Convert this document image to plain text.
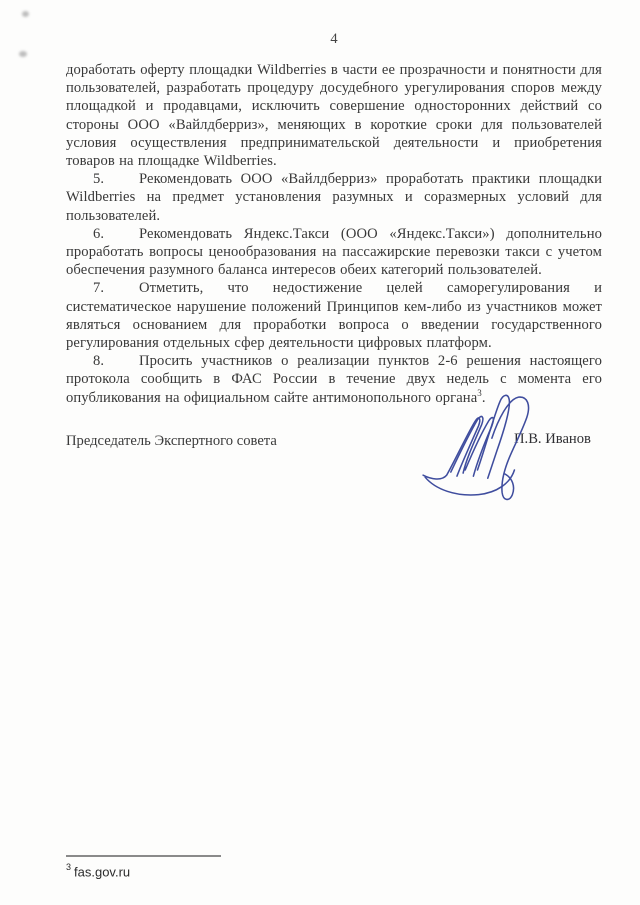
4

доработать оферту площадки Wildberries в части ее прозрачности и понятности для пользователей, разработать процедуру досудебного урегулирования споров между площадкой и продавцами, исключить совершение односторонних действий со стороны ООО «Вайлдберриз», меняющих в короткие сроки для пользователей условия осуществления предпринимательской деятельности и приобретения товаров на площадке Wildberries.

5. Рекомендовать ООО «Вайлдберриз» проработать практики площадки Wildberries на предмет установления разумных и соразмерных условий для пользователей.

6. Рекомендовать Яндекс.Такси (ООО «Яндекс.Такси») дополнительно проработать вопросы ценообразования на пассажирские перевозки такси с учетом обеспечения разумного баланса интересов обеих категорий пользователей.

7. Отметить, что недостижение целей саморегулирования и систематическое нарушение положений Принципов кем-либо из участников может являться основанием для проработки вопроса о введении государственного регулирования отдельных сфер деятельности цифровых платформ.

8. Просить участников о реализации пунктов 2-6 решения настоящего протокола сообщить в ФАС России в течение двух недель с момента его опубликования на официальном сайте антимонопольного органа$^3$.

Председатель Экспертного совета	П.В. Иванов
$^3$ fas.gov.ru
